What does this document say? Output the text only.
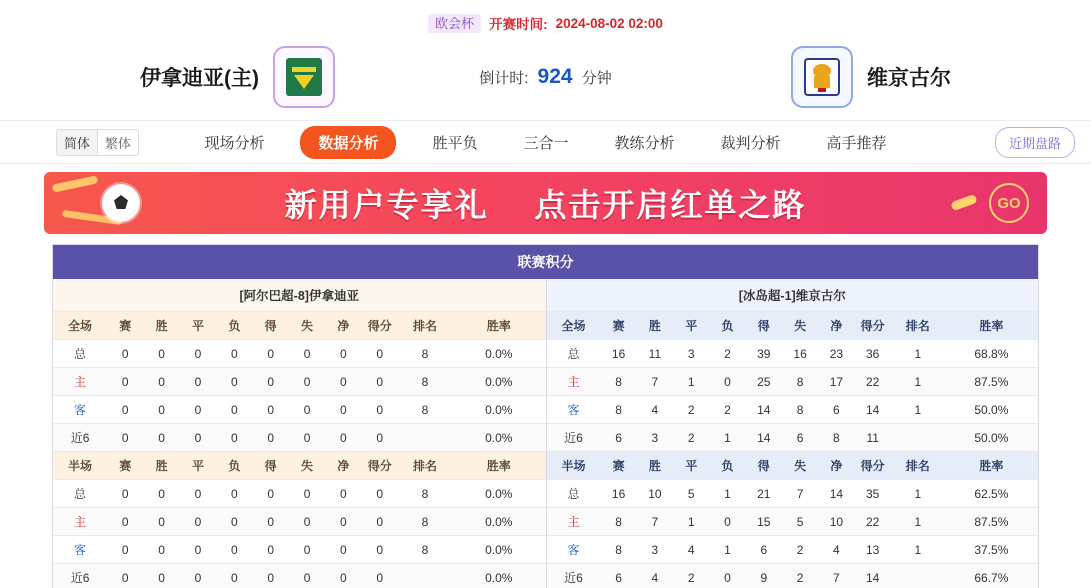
欧会杯	开赛时间: 2024-08-02 02:00
伊拿迪亚(主)	倒计时: 924 分钟	维京古尔
简体	繁体	现场分析	数据分析	胜平负	三合一	教练分析	裁判分析	高手推荐	近期盘路
新用户专享礼 点击开启红单之路	GO
联赛积分
[阿尔巴超-8]伊拿迪亚
全场	赛	胜	平	负	得	失	净	得分	排名	胜率
总	0	0	0	0	0	0	0	0	8	0.0%
主	0	0	0	0	0	0	0	0	8	0.0%
客	0	0	0	0	0	0	0	0	8	0.0%
近6	0	0	0	0	0	0	0	0		0.0%
半场	赛	胜	平	负	得	失	净	得分	排名	胜率
总	0	0	0	0	0	0	0	0	8	0.0%
主	0	0	0	0	0	0	0	0	8	0.0%
客	0	0	0	0	0	0	0	0	8	0.0%
近6	0	0	0	0	0	0	0	0		0.0%
[冰岛超-1]维京古尔
全场	赛	胜	平	负	得	失	净	得分	排名	胜率
总	16	11	3	2	39	16	23	36	1	68.8%
主	8	7	1	0	25	8	17	22	1	87.5%
客	8	4	2	2	14	8	6	14	1	50.0%
近6	6	3	2	1	14	6	8	11		50.0%
半场	赛	胜	平	负	得	失	净	得分	排名	胜率
总	16	10	5	1	21	7	14	35	1	62.5%
主	8	7	1	0	15	5	10	22	1	87.5%
客	8	3	4	1	6	2	4	13	1	37.5%
近6	6	4	2	0	9	2	7	14		66.7%
